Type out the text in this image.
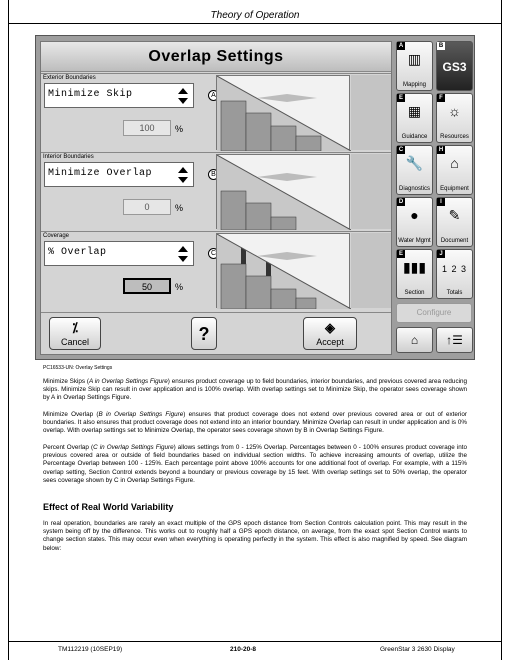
Theory of Operation
Overlap Settings
Exterior Boundaries
Minimize Skip	A
100	%
Interior Boundaries
Minimize Overlap	B
0	%
Coverage
% Overlap	C
50	%
⁒
Cancel	?	◈
Accept
A
▥
Mapping
B
GS3
E
▦
Guidance
F
☼
Resources
C
🔧
Diagnostics
H
⌂
Equipment
D
●
Water Mgmt
I
✎
Document
E
▮▮▮
Section
J
1 2 3
Totals
Configure
⌂	↑☰
PC16533-UN: Overlay Settings
Minimize Skips (A in Overlap Settings Figure) ensures product coverage up to field boundaries, interior boundaries, and previous covered area reducing skips. Minimize Skip can result in over application and is 100% overlap. With overlap settings set to Minimize Skip, the operator sees coverage shown by A in Overlap Settings Figure.
Minimize Overlap (B in Overlap Settings Figure) ensures that product coverage does not extend over previous covered area or out of exterior boundaries. It also ensures that product coverage does not extend into an interior boundary. Minimize Overlap can result in under application and is 0% overlap. With overlap settings set to Minimize Overlap, the operator sees coverage shown by B in Overlap Settings Figure.
Percent Overlap (C in Overlap Settings Figure) allows settings from 0 - 125% Overlap. Percentages between 0 - 100% ensures product coverage into previous covered area or outside of field boundaries based on individual section widths. To achieve increasing amounts of overlap, utilize the Percentage Overlap between 100 - 125%. Each percentage point above 100% accounts for one additional foot of overlap. For example, with a 115% overlap setting, Section Control extends beyond a boundary or previous coverage by 15 feet. With overlap settings set to 50% overlap, the operator sees coverage shown by C in Overlap Settings Figure.
Effect of Real World Variability
In real operation, boundaries are rarely an exact multiple of the GPS epoch distance from Section Controls calculation point. This may result in the system being off by the difference. This works out to roughly half a GPS epoch distance, on average, from the exact spot Section Control wants to change section states. This may occur even when everything is operating perfectly in the system. This effect is also magnified by speed. See diagram below:
TM112219 (10SEP19)	210-20-8	GreenStar 3 2630 Display
